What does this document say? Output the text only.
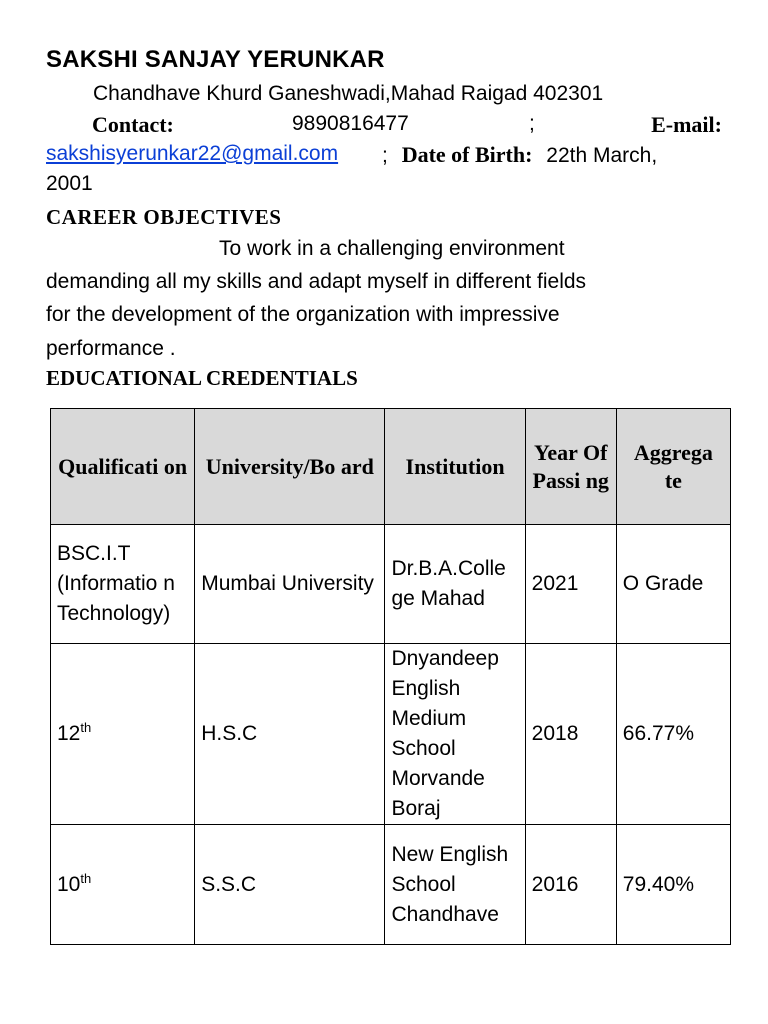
SAKSHI SANJAY YERUNKAR
Chandhave Khurd Ganeshwadi,Mahad Raigad 402301
Contact:	9890816477	;	E-mail:
sakshisyerunkar22@gmail.com ; Date of Birth: 22th March,
2001
CAREER OBJECTIVES
To work in a challenging environment
demanding all my skills and adapt myself in different fields
for the development of the organization with impressive
performance .
EDUCATIONAL CREDENTIALS
Qualificati on	University/Bo ard	Institution	Year Of Passi ng	Aggrega te
BSC.I.T (Informatio n Technology)	Mumbai University	Dr.B.A.Colle ge Mahad	2021	O Grade
12th	H.S.C	Dnyandeep English Medium School Morvande Boraj	2018	66.77%
10th	S.S.C	New English School Chandhave	2016	79.40%
